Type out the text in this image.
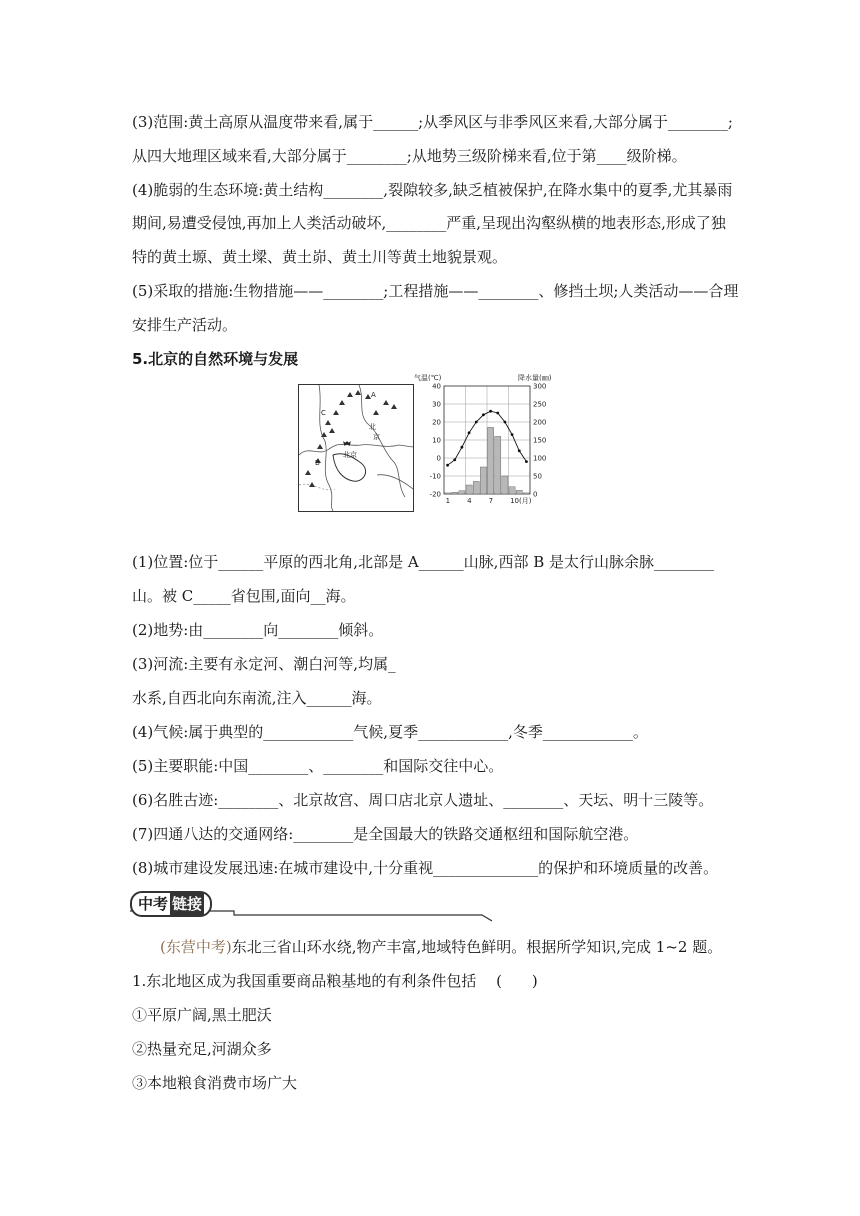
(3)范围:黄土高原从温度带来看,属于______;从季风区与非季风区来看,大部分属于________;
从四大地理区域来看,大部分属于________;从地势三级阶梯来看,位于第____级阶梯。
(4)脆弱的生态环境:黄土结构________,裂隙较多,缺乏植被保护,在降水集中的夏季,尤其暴雨
期间,易遭受侵蚀,再加上人类活动破坏,________严重,呈现出沟壑纵横的地表形态,形成了独
特的黄土塬、黄土墚、黄土峁、黄土川等黄土地貌景观。
(5)采取的措施:生物措施——________;工程措施——________、修挡土坝;人类活动——合理
安排生产活动。
5.北京的自然环境与发展
A
C
北
京
北京
B
气温(℃)	降水量(㎜)
40
30
20
10
0
-10
-20
300
250
200
150
100
50
0
1 4 7 10(月)
(1)位置:位于______平原的西北角,北部是 A______山脉,西部 B 是太行山脉余脉________
山。被 C_____省包围,面向__海。
(2)地势:由________向________倾斜。
(3)河流:主要有永定河、潮白河等,均属_
水系,自西北向东南流,注入______海。
(4)气候:属于典型的____________气候,夏季____________,冬季____________。
(5)主要职能:中国________、________和国际交往中心。
(6)名胜古迹:________、北京故宫、周口店北京人遗址、________、天坛、明十三陵等。
(7)四通八达的交通网络:________是全国最大的铁路交通枢纽和国际航空港。
(8)城市建设发展迅速:在城市建设中,十分重视______________的保护和环境质量的改善。
中考 链接
(东营中考)东北三省山环水绕,物产丰富,地域特色鲜明。根据所学知识,完成 1~2 题。
1.东北地区成为我国重要商品粮基地的有利条件包括　 (　　)
①平原广阔,黑土肥沃
②热量充足,河湖众多
③本地粮食消费市场广大
